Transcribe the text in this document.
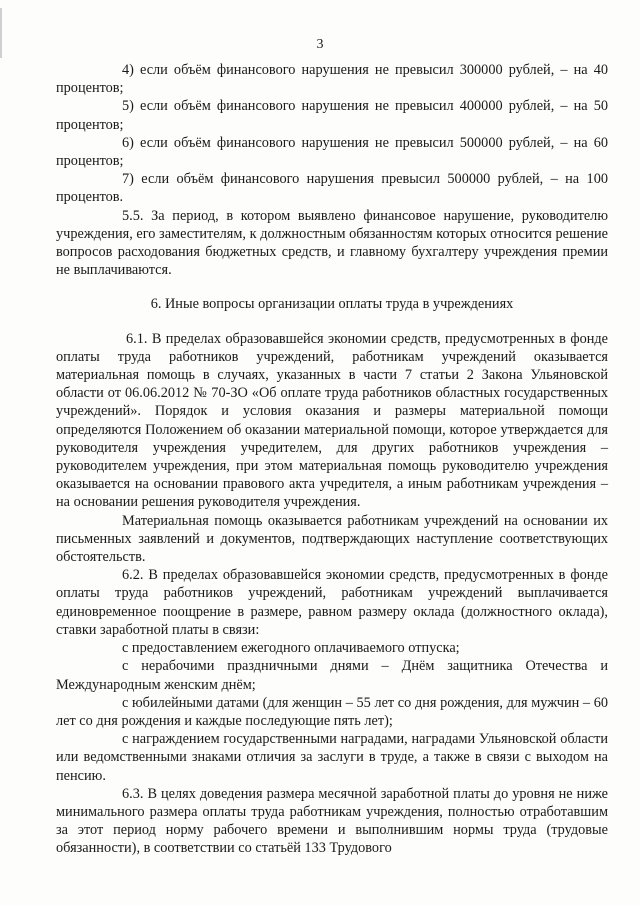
3

4) если объём финансового нарушения не превысил 300000 рублей, – на 40 процентов;

5) если объём финансового нарушения не превысил 400000 рублей, – на 50 процентов;

6) если объём финансового нарушения не превысил 500000 рублей, – на 60 процентов;

7) если объём финансового нарушения превысил 500000 рублей, – на 100 процентов.

5.5. За период, в котором выявлено финансовое нарушение, руководителю учреждения, его заместителям, к должностным обязанностям которых относится решение вопросов расходования бюджетных средств, и главному бухгалтеру учреждения премии не выплачиваются.

6. Иные вопросы организации оплаты труда в учреждениях

6.1. В пределах образовавшейся экономии средств, предусмотренных в фонде оплаты труда работников учреждений, работникам учреждений оказывается материальная помощь в случаях, указанных в части 7 статьи 2 Закона Ульяновской области от 06.06.2012 № 70-ЗО «Об оплате труда работников областных государственных учреждений». Порядок и условия оказания и размеры материальной помощи определяются Положением об оказании материальной помощи, которое утверждается для руководителя учреждения учредителем, для других работников учреждения – руководителем учреждения, при этом материальная помощь руководителю учреждения оказывается на основании правового акта учредителя, а иным работникам учреждения – на основании решения руководителя учреждения.

Материальная помощь оказывается работникам учреждений на основании их письменных заявлений и документов, подтверждающих наступление соответствующих обстоятельств.

6.2. В пределах образовавшейся экономии средств, предусмотренных в фонде оплаты труда работников учреждений, работникам учреждений выплачивается единовременное поощрение в размере, равном размеру оклада (должностного оклада), ставки заработной платы в связи:

с предоставлением ежегодного оплачиваемого отпуска;

с нерабочими праздничными днями – Днём защитника Отечества и Международным женским днём;

с юбилейными датами (для женщин – 55 лет со дня рождения, для мужчин – 60 лет со дня рождения и каждые последующие пять лет);

с награждением государственными наградами, наградами Ульяновской области или ведомственными знаками отличия за заслуги в труде, а также в связи с выходом на пенсию.

6.3. В целях доведения размера месячной заработной платы до уровня не ниже минимального размера оплаты труда работникам учреждения, полностью отработавшим за этот период норму рабочего времени и выполнившим нормы труда (трудовые обязанности), в соответствии со статьёй 133 Трудового
